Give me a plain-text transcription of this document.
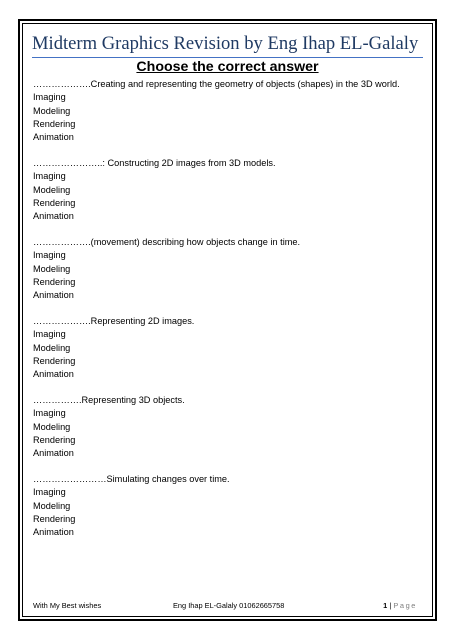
Midterm Graphics Revision by Eng Ihap EL-Galaly
Choose the correct answer
……………….Creating and representing the geometry of objects (shapes) in the 3D world.
Imaging
Modeling
Rendering
Animation
…………………..: Constructing 2D images from 3D models.
Imaging
Modeling
Rendering
Animation
……………….(movement) describing how objects change in time.
Imaging
Modeling
Rendering
Animation
……………….Representing 2D images.
Imaging
Modeling
Rendering
Animation
…………….Representing 3D objects.
Imaging
Modeling
Rendering
Animation
……………………Simulating changes over time.
Imaging
Modeling
Rendering
Animation
With My Best wishes	Eng Ihap EL-Galaly 01062665758	1 | Page
